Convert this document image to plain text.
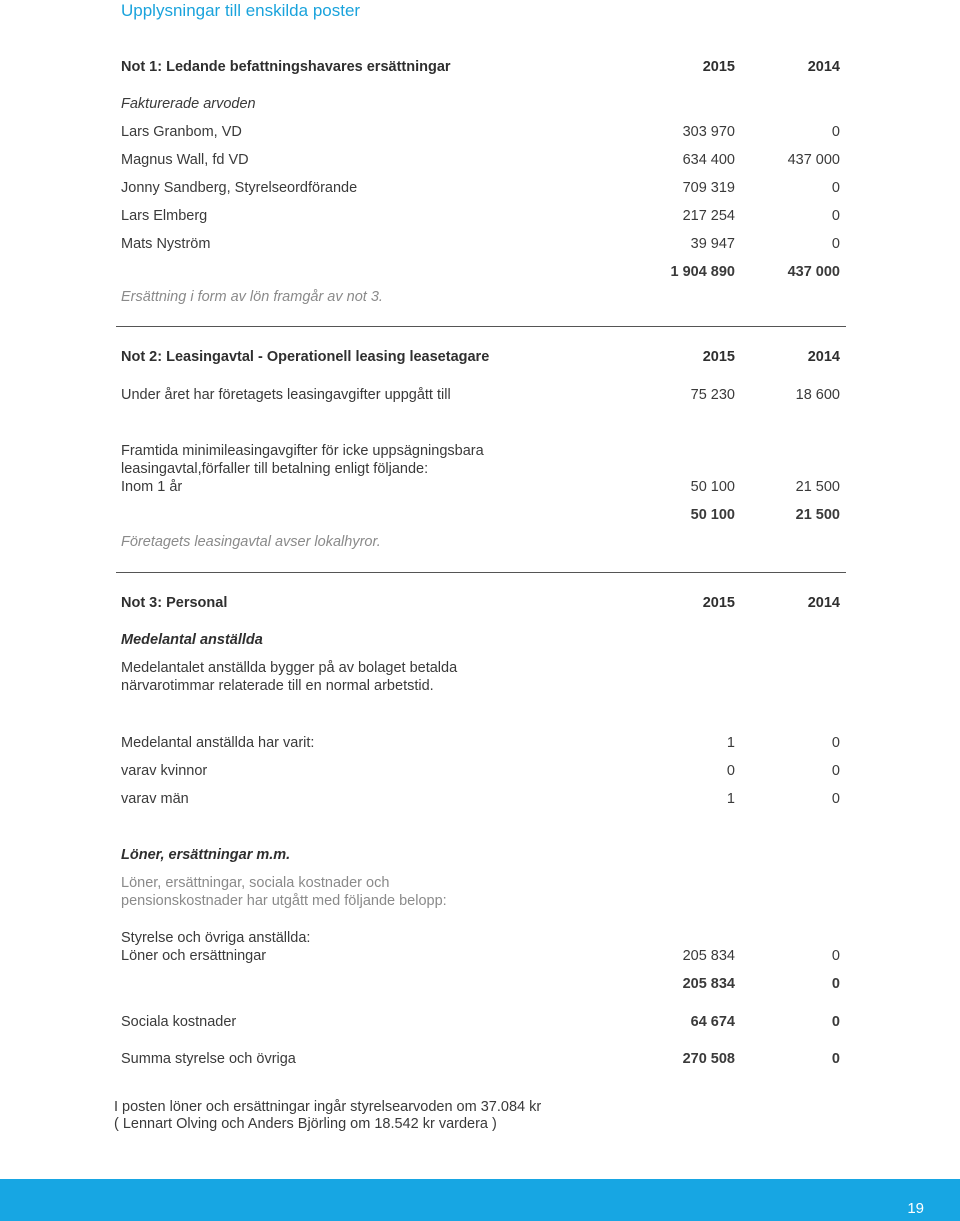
Upplysningar till enskilda poster
Not 1: Ledande befattningshavares ersättningar	2015	2014
Fakturerade arvoden
Lars Granbom, VD	303 970	0
Magnus Wall, fd VD	634 400	437 000
Jonny Sandberg, Styrelseordförande	709 319	0
Lars Elmberg	217 254	0
Mats Nyström	39 947	0
1 904 890	437 000
Ersättning i form av lön framgår av not 3.
Not 2: Leasingavtal - Operationell leasing leasetagare	2015	2014
Under året har företagets leasingavgifter uppgått till	75 230	18 600
Framtida minimileasingavgifter för icke uppsägningsbara
leasingavtal,förfaller till betalning enligt följande:
Inom 1 år	50 100	21 500
50 100	21 500
Företagets leasingavtal avser lokalhyror.
Not 3: Personal	2015	2014
Medelantal anställda
Medelantalet anställda bygger på av bolaget betalda
närvarotimmar relaterade till en normal arbetstid.
Medelantal anställda har varit:	1	0
varav kvinnor	0	0
varav män	1	0
Löner, ersättningar m.m.
Löner, ersättningar, sociala kostnader och
pensionskostnader har utgått med följande belopp:
Styrelse och övriga anställda:
Löner och ersättningar	205 834	0
205 834	0
Sociala kostnader	64 674	0
Summa styrelse och övriga	270 508	0
I posten löner och ersättningar ingår styrelsearvoden om 37.084 kr
( Lennart Olving och Anders Björling om 18.542 kr vardera )
19
